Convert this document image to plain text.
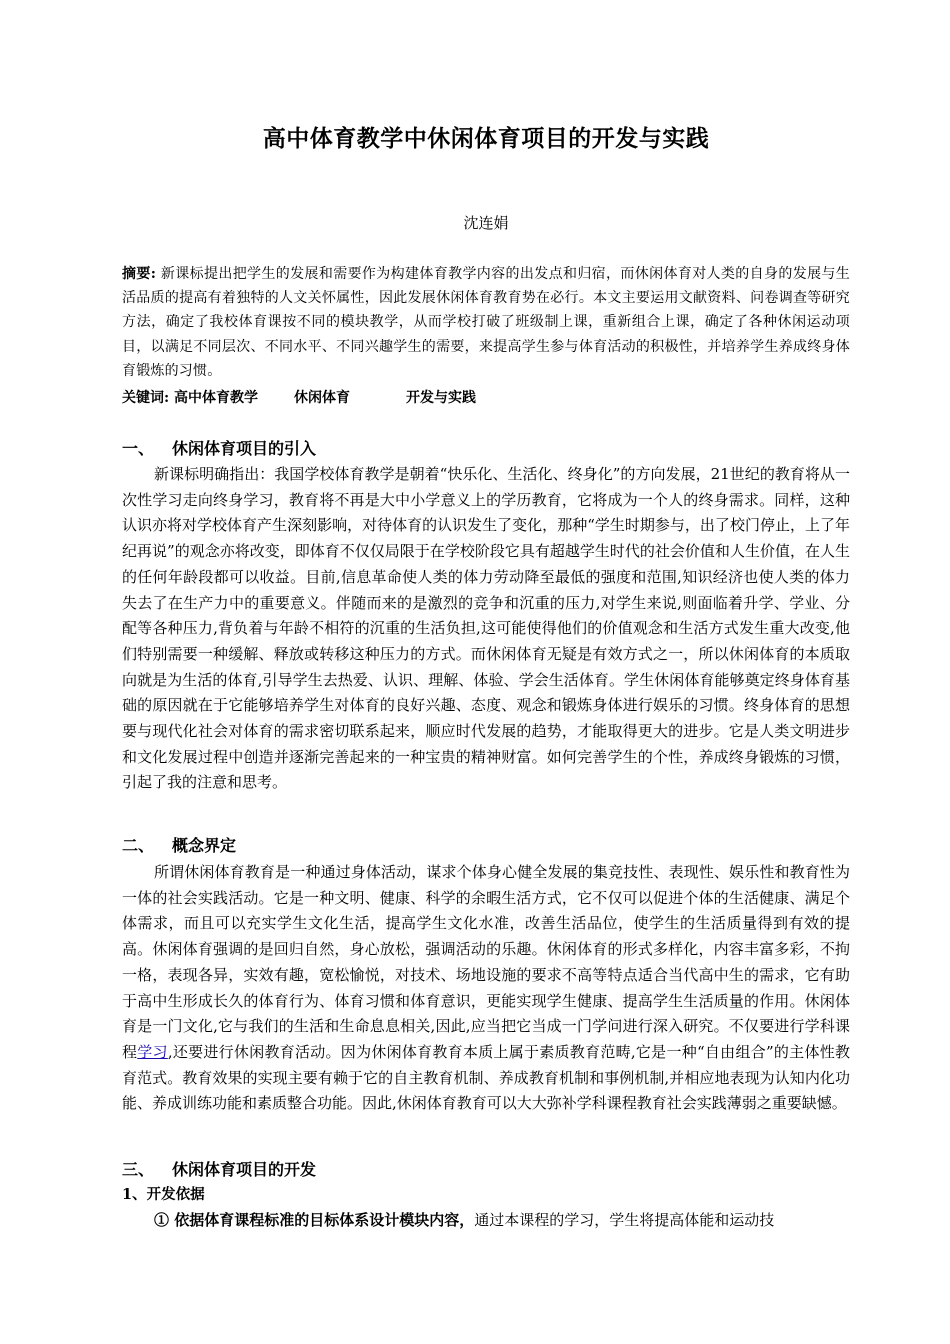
高中体育教学中休闲体育项目的开发与实践
沈连娟
摘要: 新课标提出把学生的发展和需要作为构建体育教学内容的出发点和归宿，而休闲体育对人类的自身的发展与生活品质的提高有着独特的人文关怀属性，因此发展休闲体育教育势在必行。本文主要运用文献资料、问卷调查等研究方法，确定了我校体育课按不同的模块教学，从而学校打破了班级制上课，重新组合上课，确定了各种休闲运动项目，以满足不同层次、不同水平、不同兴趣学生的需要，来提高学生参与体育活动的积极性，并培养学生养成终身体育锻炼的习惯。
关键词: 高中体育教学	休闲体育	开发与实践
一、 休闲体育项目的引入
新课标明确指出：我国学校体育教学是朝着“快乐化、生活化、终身化”的方向发展，21世纪的教育将从一次性学习走向终身学习，教育将不再是大中小学意义上的学历教育，它将成为一个人的终身需求。同样，这种认识亦将对学校体育产生深刻影响，对待体育的认识发生了变化，那种“学生时期参与，出了校门停止，上了年纪再说”的观念亦将改变，即体育不仅仅局限于在学校阶段它具有超越学生时代的社会价值和人生价值，在人生的任何年龄段都可以收益。目前,信息革命使人类的体力劳动降至最低的强度和范围,知识经济也使人类的体力失去了在生产力中的重要意义。伴随而来的是激烈的竞争和沉重的压力,对学生来说,则面临着升学、学业、分配等各种压力,背负着与年龄不相符的沉重的生活负担,这可能使得他们的价值观念和生活方式发生重大改变,他们特别需要一种缓解、释放或转移这种压力的方式。而休闲体育无疑是有效方式之一，所以休闲体育的本质取向就是为生活的体育,引导学生去热爱、认识、理解、体验、学会生活体育。学生休闲体育能够奠定终身体育基础的原因就在于它能够培养学生对体育的良好兴趣、态度、观念和锻炼身体进行娱乐的习惯。终身体育的思想要与现代化社会对体育的需求密切联系起来，顺应时代发展的趋势，才能取得更大的进步。它是人类文明进步和文化发展过程中创造并逐渐完善起来的一种宝贵的精神财富。如何完善学生的个性，养成终身锻炼的习惯，引起了我的注意和思考。
二、 概念界定
所谓休闲体育教育是一种通过身体活动，谋求个体身心健全发展的集竞技性、表现性、娱乐性和教育性为一体的社会实践活动。它是一种文明、健康、科学的余暇生活方式，它不仅可以促进个体的生活健康、满足个体需求，而且可以充实学生文化生活，提高学生文化水准，改善生活品位，使学生的生活质量得到有效的提高。休闲体育强调的是回归自然，身心放松，强调活动的乐趣。休闲体育的形式多样化，内容丰富多彩，不拘一格，表现各异，实效有趣，宽松愉悦，对技术、场地设施的要求不高等特点适合当代高中生的需求，它有助于高中生形成长久的体育行为、体育习惯和体育意识，更能实现学生健康、提高学生生活质量的作用。休闲体育是一门文化,它与我们的生活和生命息息相关,因此,应当把它当成一门学问进行深入研究。不仅要进行学科课程学习,还要进行休闲教育活动。因为休闲体育教育本质上属于素质教育范畴,它是一种“自由组合”的主体性教育范式。教育效果的实现主要有赖于它的自主教育机制、养成教育机制和事例机制,并相应地表现为认知内化功能、养成训练功能和素质整合功能。因此,休闲体育教育可以大大弥补学科课程教育社会实践薄弱之重要缺憾。
三、 休闲体育项目的开发
1、开发依据
① 依据体育课程标准的目标体系设计模块内容，通过本课程的学习，学生将提高体能和运动技
